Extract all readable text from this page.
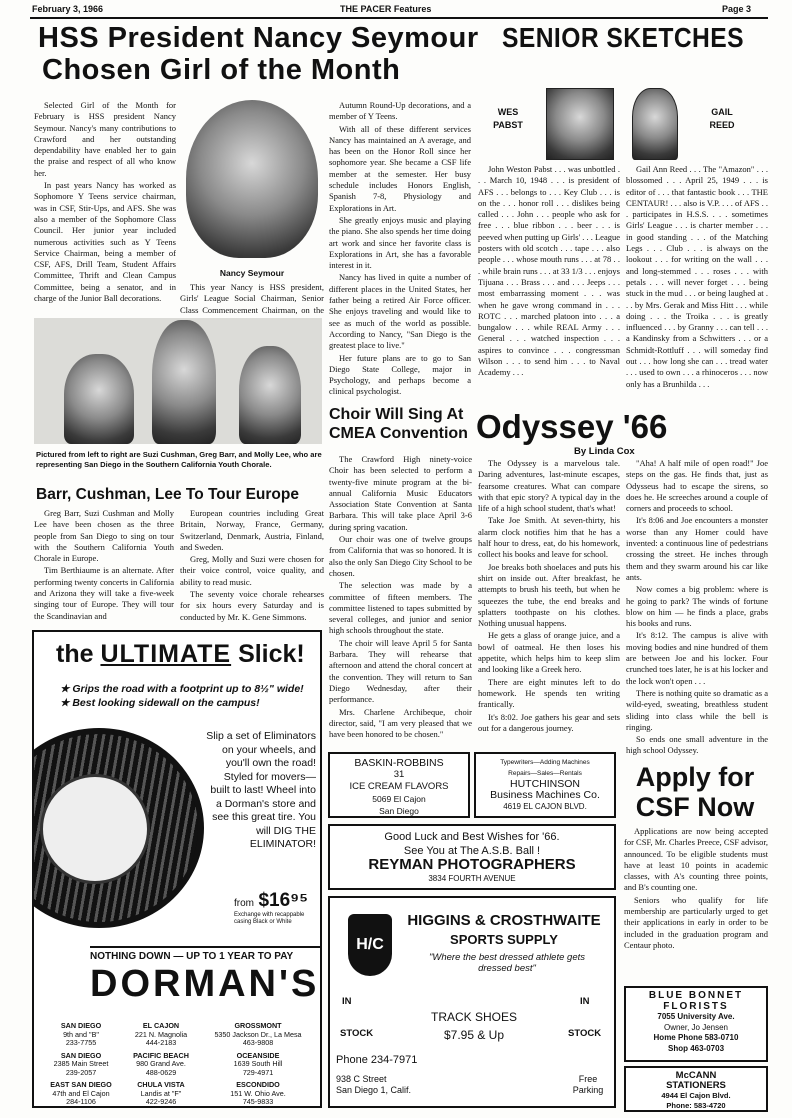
February 3, 1966	THE PACER Features	Page 3
HSS President Nancy Seymour
Chosen Girl of the Month

Selected Girl of the Month for February is HSS president Nancy Seymour. Nancy's many contributions to Crawford and her outstanding dependability have enabled her to gain the praise and respect of all who know her.

In past years Nancy has worked as Sophomore Y Teens service chairman, was in CSF, Stir-Ups, and AFS. She was also a member of the Sophomore Class Council. Her junior year included numerous activities such as Y Teens Service Chairman, being a member of CSF, AFS, Drill Team, Student Affairs Committee, Thrift and Clean Campus Committee, being a senator, and in charge of the Junior Ball decorations.

Nancy Seymour

This year Nancy is HSS president, Girls' League Social Chairman, Senior Class Commencement Chairman, on the

Autumn Round-Up decorations, and a member of Y Teens.

With all of these different services Nancy has maintained an A average, and has been on the Honor Roll since her sophomore year. She became a CSF life member at the semester. Her busy schedule includes Honors English, Spanish 7-8, Physiology and Explorations in Art.

She greatly enjoys music and playing the piano. She also spends her time doing art work and since her favorite class is Explorations in Art, she has a favorable interest in it.

Nancy has lived in quite a number of different places in the United States, her father being a retired Air Force officer. She enjoys traveling and would like to see as much of the world as possible. According to Nancy, "San Diego is the greatest place to live."

Her future plans are to go to San Diego State College, major in Psychology, and perhaps become a clinical psychologist.

Pictured from left to right are Suzi Cushman, Greg Barr, and Molly Lee, who are representing San Diego in the Southern California Youth Chorale.
Barr, Cushman, Lee To Tour Europe

Greg Barr, Suzi Cushman and Molly Lee have been chosen as the three people from San Diego to sing on tour with the Southern California Youth Chorale in Europe.

Tim Berthiaume is an alternate. After performing twenty concerts in California and Arizona they will take a five-week singing tour of Europe. They will tour the Scandinavian and

European countries including Great Britain, Norway, France, Germany, Switzerland, Denmark, Austria, Finland, and Sweden.

Greg, Molly and Suzi were chosen for their voice control, voice quality, and ability to read music.

The seventy voice chorale rehearses for six hours every Saturday and is conducted by Mr. K. Gene Simmons.

Choir Will Sing At CMEA Convention

The Crawford High ninety-voice Choir has been selected to perform a twenty-five minute program at the bi-annual California Music Educators Association State Convention at Santa Barbara. This will take place April 3-6 during spring vacation.

Our choir was one of twelve groups from California that was so honored. It is also the only San Diego City School to be chosen.

The selection was made by a committee of fifteen members. The committee listened to tapes submitted by several colleges, and junior and senior high schools throughout the state.

The choir will leave April 5 for Santa Barbara. They will rehearse that afternoon and attend the choral concert at the convention. They will return to San Diego Wednesday, after their performance.

Mrs. Charlene Archibeque, choir director, said, "I am very pleased that we have been honored to be chosen."

SENIOR SKETCHES
WES
PABST
GAIL
REED

John Weston Pabst . . . was unbottled . . . March 10, 1948 . . . is president of AFS . . . belongs to . . . Key Club . . . is on the . . . honor roll . . . dislikes being called . . . John . . . people who ask for free . . . blue ribbon . . . beer . . . is peeved when putting up Girls' . . . League posters with old scotch . . . tape . . . also people . . . whose mouth runs . . . at 78 . . . while brain runs . . . at 33 1/3 . . . enjoys Tijuana . . . Brass . . . and . . . Jeeps . . . most embarrassing moment . . . was when he gave wrong command in . . . ROTC . . . marched platoon into . . . a bungalow . . . while REAL Army . . . General . . . watched inspection . . . aspires to convince . . . congressman Wilson . . . to send him . . . to Naval Academy . . .

Gail Ann Reed . . . The "Amazon" . . . blossomed . . . April 25, 1949 . . . is editor of . . . that fantastic book . . . THE CENTAUR! . . . also is V.P. . . . of AFS . . . participates in H.S.S. . . . sometimes Girls' League . . . is charter member . . . in good standing . . . of the Matching Legs . . . Club . . . is always on the lookout . . . for writing on the wall . . . and long-stemmed . . . roses . . . with petals . . . will never forget . . . being stuck in the mud . . . or being laughed at . . . by Mrs. Gerak and Miss Hitt . . . while doing . . . the Troika . . . is greatly influenced . . . by Granny . . . can tell . . . a Kandinsky from a Schwitters . . . or a Schmidt-Rottluff . . . will someday find out . . . how long she can . . . tread water . . . used to own . . . a rhinoceros . . . now only has a Brunhilda . . .

Odyssey '66
By Linda Cox

The Odyssey is a marvelous tale. Daring adventures, last-minute escapes, fearsome creatures. What can compare with that epic story? A typical day in the life of a high school student, that's what!

Take Joe Smith. At seven-thirty, his alarm clock notifies him that he has a half hour to dress, eat, do his homework, collect his books and leave for school.

Joe breaks both shoelaces and puts his shirt on inside out. After breakfast, he attempts to brush his teeth, but when he squeezes the tube, the end breaks and splatters toothpaste on his clothes. Nothing unusual happens.

He gets a glass of orange juice, and a bowl of oatmeal. He then loses his appetite, which helps him to keep slim and looking like a Greek hero.

There are eight minutes left to do homework. He spends ten writing frantically.

It's 8:02. Joe gathers his gear and sets out for a dangerous journey.

"Aha! A half mile of open road!" Joe steps on the gas. He finds that, just as Odysseus had to escape the sirens, so does he. He screeches around a couple of corners and proceeds to school.

It's 8:06 and Joe encounters a monster worse than any Homer could have invented: a continuous line of pedestrians crossing the street. He inches through them and they swarm around his car like ants.

Now comes a big problem: where is he going to park? The winds of fortune blow on him — he finds a place, grabs his books and runs.

It's 8:12. The campus is alive with moving bodies and nine hundred of them are between Joe and his locker. Four crunched toes later, he is at his locker and the lock won't open . . .

There is nothing quite so dramatic as a wild-eyed, sweating, breathless student sliding into class while the bell is ringing.

So ends one small adventure in the high school Odyssey.

Apply for
CSF Now

Applications are now being accepted for CSF, Mr. Charles Preece, CSF advisor, announced. To be eligible students must have at least 10 points in academic classes, with A's counting three points, and B's counting one.

Seniors who qualify for life membership are particularly urged to get their applications in early in order to be included in the graduation program and Centaur photo.

the ULTIMATE Slick!
★ Grips the road with a footprint up to 8½" wide!
★ Best looking sidewall on the campus!
Slip a set of Eliminators on your wheels, and you'll own the road! Styled for movers— built to last! Wheel into a Dorman's store and see this great tire. You will DIG THE ELIMINATOR!
from $16⁹⁵
Exchange with recappable casing Black or White
NOTHING DOWN — UP TO 1 YEAR TO PAY
DORMAN'S
SAN DIEGO
9th and "B"
233-7755
EL CAJON
221 N. Magnolia
444-2183
GROSSMONT
5350 Jackson Dr., La Mesa
463-9808
SAN DIEGO
2385 Main Street
239-2057
PACIFIC BEACH
980 Grand Ave.
488-0629
OCEANSIDE
1639 South Hill
729-4971
EAST SAN DIEGO
47th and El Cajon
284-1106
CHULA VISTA
Landis at "F"
422-9246
ESCONDIDO
151 W. Ohio Ave.
745-9833
BASKIN-ROBBINS
31
ICE CREAM FLAVORS
5069 El Cajon
San Diego
Typewriters—Adding Machines
Repairs—Sales—Rentals
HUTCHINSON
Business Machines Co.
4619 EL CAJON BLVD.
Good Luck and Best Wishes for '66.
See You at The A.S.B. Ball !
REYMAN PHOTOGRAPHERS
3834 FOURTH AVENUE
H/C
HIGGINS & CROSTHWAITE
SPORTS SUPPLY
"Where the best dressed athlete gets dressed best"
IN	IN
STOCK	STOCK
TRACK SHOES
$7.95 & Up
Phone 234-7971
938 C Street
San Diego 1, Calif.
Free
Parking
BLUE BONNET
FLORISTS
7055 University Ave.
Owner, Jo Jensen
Home Phone 583-0710
Shop 463-0703
McCANN
STATIONERS
4944 El Cajon Blvd.
Phone: 583-4720
